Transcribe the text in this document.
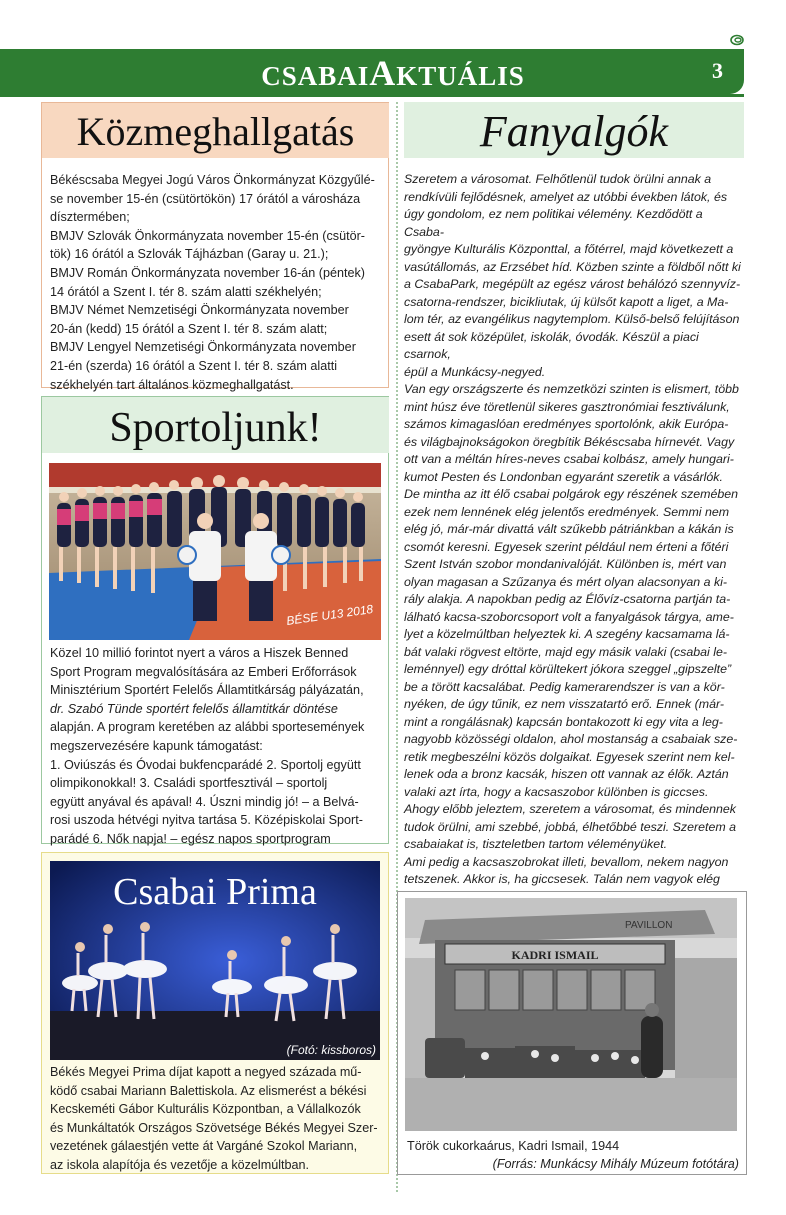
CSABAIAKTUÁLIS	3
Közmeghallgatás

Békéscsaba Megyei Jogú Város Önkormányzat Közgyűlé-

se november 15-én (csütörtökön) 17 órától a városháza

dísztermében;

BMJV Szlovák Önkormányzata november 15-én (csütör-

tök) 16 órától a Szlovák Tájházban (Garay u. 21.);

BMJV Román Önkormányzata november 16-án (péntek)

14 órától a Szent I. tér 8. szám alatti székhelyén;

BMJV Német Nemzetiségi Önkormányzata november

20-án (kedd) 15 órától a Szent I. tér 8. szám alatt;

BMJV Lengyel Nemzetiségi Önkormányzata november

21-én (szerda) 16 órától a Szent I. tér 8. szám alatti

székhelyén tart általános közmeghallgatást.

Sportoljunk!
BÉSE U13 2018

Közel 10 millió forintot nyert a város a Hiszek Benned

Sport Program megvalósítására az Emberi Erőforrások

Minisztérium Sportért Felelős Államtitkárság pályázatán,

dr. Szabó Tünde sportért felelős államtitkár döntése

alapján. A program keretében az alábbi sportesemények

megszervezésére kapunk támogatást:

1. Oviúszás és Óvodai bukfencparádé 2. Sportolj együtt

olimpikonokkal! 3. Családi sportfesztivál – sportolj

együtt anyával és apával! 4. Úszni mindig jó! – a Belvá-

rosi uszoda hétvégi nyitva tartása 5. Középiskolai Sport-

parádé 6. Nők napja! – egész napos sportprogram

Csabai Prima
(Fotó: kissboros)

Békés Megyei Prima díjat kapott a negyed százada mű-

ködő csabai Mariann Balettiskola. Az elismerést a békési

Kecskeméti Gábor Kulturális Központban, a Vállalkozók

és Munkáltatók Országos Szövetsége Békés Megyei Szer-

vezetének gálaestjén vette át Vargáné Szokol Mariann,

az iskola alapítója és vezetője a közelmúltban.

Fanyalgók

Szeretem a városomat. Felhőtlenül tudok örülni annak a

rendkívüli fejlődésnek, amelyet az utóbbi években látok, és

úgy gondolom, ez nem politikai vélemény. Kezdődött a Csaba-

gyöngye Kulturális Központtal, a főtérrel, majd következett a

vasútállomás, az Erzsébet híd. Közben szinte a földből nőtt ki

a CsabaPark, megépült az egész várost behálózó szennyvíz-

csatorna-rendszer, bicikliutak, új külsőt kapott a liget, a Ma-

lom tér, az evangélikus nagytemplom. Külső-belső felújításon

esett át sok középület, iskolák, óvodák. Készül a piaci csarnok,

épül a Munkácsy-negyed.

Van egy országszerte és nemzetközi szinten is elismert, több

mint húsz éve töretlenül sikeres gasztronómiai fesztiválunk,

számos kimagaslóan eredményes sportolónk, akik Európa-

és világbajnokságokon öregbítik Békéscsaba hírnevét. Vagy

ott van a méltán híres-neves csabai kolbász, amely hungari-

kumot Pesten és Londonban egyaránt szeretik a vásárlók.

De mintha az itt élő csabai polgárok egy részének szemében

ezek nem lennének elég jelentős eredmények. Semmi nem

elég jó, már-már divattá vált szűkebb pátriánkban a kákán is

csomót keresni. Egyesek szerint például nem érteni a főtéri

Szent István szobor mondanivalóját. Különben is, mért van

olyan magasan a Szűzanya és mért olyan alacsonyan a ki-

rály alakja. A napokban pedig az Élővíz-csatorna partján ta-

lálható kacsa-szoborcsoport volt a fanyalgások tárgya, ame-

lyet a közelmúltban helyeztek ki. A szegény kacsamama lá-

bát valaki rögvest eltörte, majd egy másik valaki (csabai le-

leménnyel) egy dróttal körültekert jókora szeggel „gipszelte”

be a törött kacsalábat. Pedig kamerarendszer is van a kör-

nyéken, de úgy tűnik, ez nem visszatartó erő. Ennek (már-

mint a rongálásnak) kapcsán bontakozott ki egy vita a leg-

nagyobb közösségi oldalon, ahol mostanság a csabaiak sze-

retik megbeszélni közös dolgaikat. Egyesek szerint nem kel-

lenek oda a bronz kacsák, hiszen ott vannak az élők. Aztán

valaki azt írta, hogy a kacsaszobor különben is giccses.

Ahogy előbb jeleztem, szeretem a városomat, és mindennek

tudok örülni, ami szebbé, jobbá, élhetőbbé teszi. Szeretem a

csabaiakat is, tiszteletben tartom véleményüket.

Ami pedig a kacsaszobrokat illeti, bevallom, nekem nagyon

tetszenek. Akkor is, ha giccsesek. Talán nem vagyok elég

PAVILLON
KADRI ISMAIL
Török cukorkaárus, Kadri Ismail, 1944
(Forrás: Munkácsy Mihály Múzeum fotótára)
